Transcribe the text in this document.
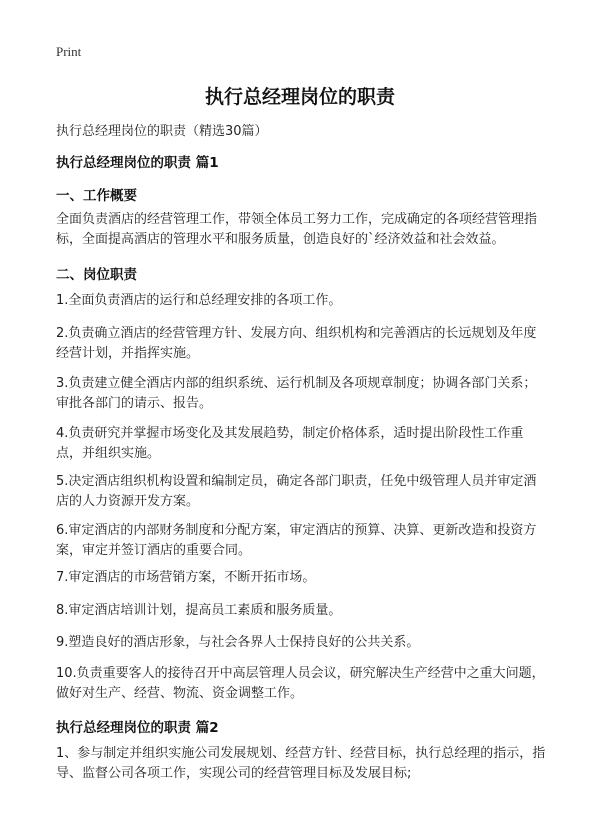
Print
执行总经理岗位的职责
执行总经理岗位的职责（精选30篇）
执行总经理岗位的职责 篇1
一、工作概要

全面负责酒店的经营管理工作，带领全体员工努力工作，完成确定的各项经营管理指标，全面提高酒店的管理水平和服务质量，创造良好的`经济效益和社会效益。

二、岗位职责

1.全面负责酒店的运行和总经理安排的各项工作。

2.负责确立酒店的经营管理方针、发展方向、组织机构和完善酒店的长远规划及年度经营计划，并指挥实施。

3.负责建立健全酒店内部的组织系统、运行机制及各项规章制度；协调各部门关系；审批各部门的请示、报告。

4.负责研究并掌握市场变化及其发展趋势，制定价格体系，适时提出阶段性工作重点，并组织实施。

5.决定酒店组织机构设置和编制定员，确定各部门职责，任免中级管理人员并审定酒店的人力资源开发方案。

6.审定酒店的内部财务制度和分配方案，审定酒店的预算、决算、更新改造和投资方案，审定并签订酒店的重要合同。

7.审定酒店的市场营销方案，不断开拓市场。

8.审定酒店培训计划，提高员工素质和服务质量。

9.塑造良好的酒店形象，与社会各界人士保持良好的公共关系。

10.负责重要客人的接待召开中高层管理人员会议，研究解决生产经营中之重大问题，做好对生产、经营、物流、资金调整工作。

执行总经理岗位的职责 篇2

1、参与制定并组织实施公司发展规划、经营方针、经营目标，执行总经理的指示，指导、监督公司各项工作，实现公司的经营管理目标及发展目标;
